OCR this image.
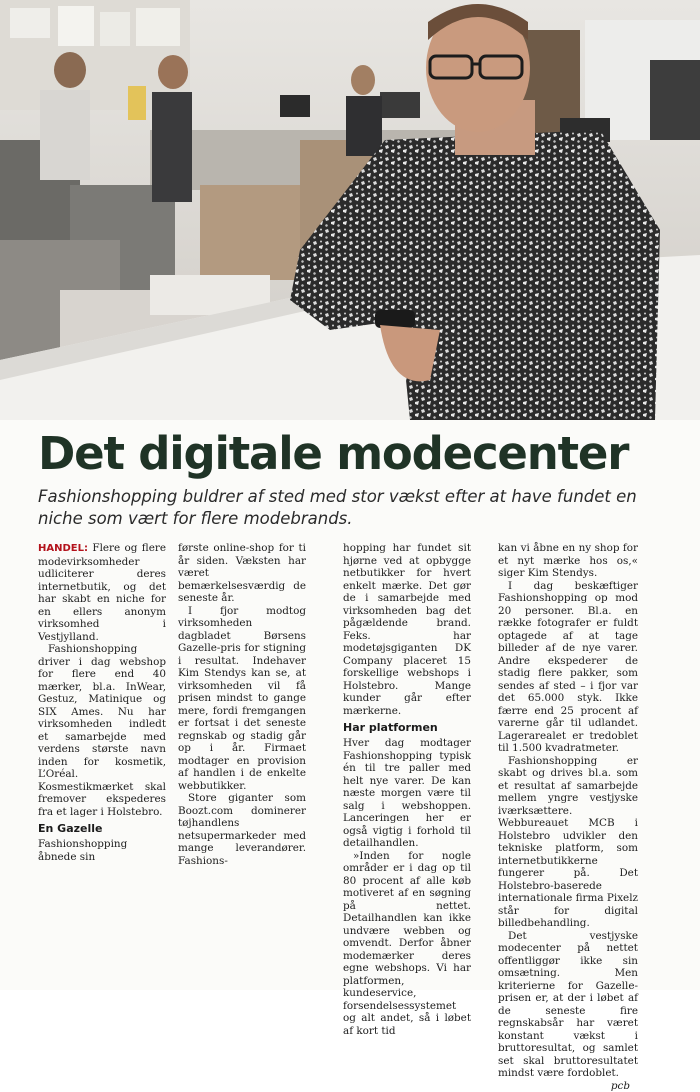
Det digitale modecenter

Fashionshopping buldrer af sted med stor vækst efter at have fundet en niche som vært for flere modebrands.

HANDEL: Flere og flere modevirksomheder udliciterer deres internetbutik, og det har skabt en niche for en ellers anonym virksomhed i Vestjylland.

Fashionshopping driver i dag webshop for flere end 40 mærker, bl.a. InWear, Gestuz, Matinique og SIX Ames. Nu har virksomheden indledt et samarbejde med verdens største navn inden for kosmetik, L’Oréal. Kosmestikmærket skal fremover ekspederes fra et lager i Holstebro.

En Gazelle

Fashionshopping åbnede sin

første online-shop for ti år siden. Væksten har været bemærkelsesværdig de seneste år.

I fjor modtog virksomheden dagbladet Børsens Gazelle-pris for stigning i resultat. Indehaver Kim Stendys kan se, at virksomheden vil få prisen mindst to gange mere, fordi fremgangen er fortsat i det seneste regnskab og stadig går op i år. Firmaet modtager en provision af handlen i de enkelte webbutikker.

Store giganter som Boozt.com dominerer tøjhandlens netsupermarkeder med mange leverandører. Fashions-

hopping har fundet sit hjørne ved at opbygge netbutikker for hvert enkelt mærke. Det gør de i samarbejde med virksomheden bag det pågældende brand. Feks. har modetøjsgiganten DK Company placeret 15 forskellige webshops i Holstebro. Mange kunder går efter mærkerne.

Har platformen

Hver dag modtager Fashionshopping typisk én til tre paller med helt nye varer. De kan næste morgen være til salg i webshoppen. Lanceringen her er også vigtig i forhold til detailhandlen.

»Inden for nogle områder er i dag op til 80 procent af alle køb motiveret af en søgning på nettet. Detailhandlen kan ikke undvære webben og omvendt. Derfor åbner modemærker deres egne webshops. Vi har platformen, kundeservice, forsendelsessystemet og alt andet, så i løbet af kort tid

kan vi åbne en ny shop for et nyt mærke hos os,« siger Kim Stendys.

I dag beskæftiger Fashionshopping op mod 20 personer. Bl.a. en række fotografer er fuldt optagede af at tage billeder af de nye varer. Andre ekspederer de stadig flere pakker, som sendes af sted – i fjor var det 65.000 styk. Ikke færre end 25 procent af varerne går til udlandet. Lagerarealet er tredoblet til 1.500 kvadratmeter.

Fashionshopping er skabt og drives bl.a. som et resultat af samarbejde mellem yngre vestjyske iværksættere. Webbureauet MCB i Holstebro udvikler den tekniske platform, som internetbutikkerne fungerer på. Det Holstebro-baserede internationale firma Pixelz står for digital billedbehandling.

Det vestjyske modecenter på nettet offentliggør ikke sin omsætning. Men kriterierne for Gazelle-prisen er, at der i løbet af de seneste fire regnskabsår har været konstant vækst i bruttoresultat, og samlet set skal bruttoresultatet mindst være fordoblet.

pcb
